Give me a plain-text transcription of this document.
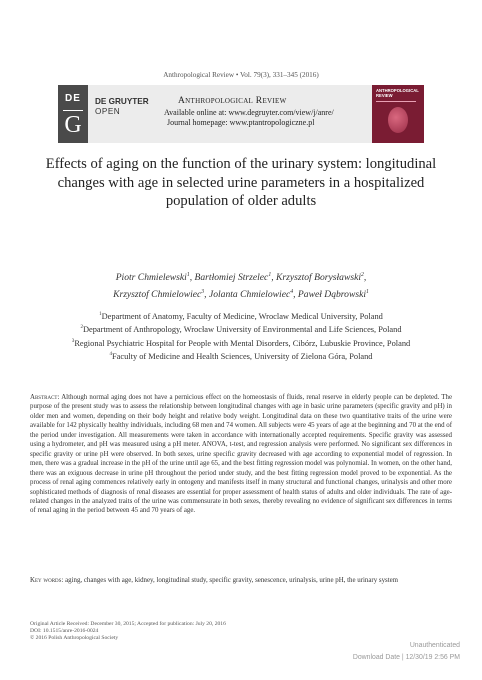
Anthropological Review • Vol. 79(3), 331–345 (2016)
DE
G
DE GRUYTER
OPEN
Anthropological Review
Available online at: www.degruyter.com/view/j/anre/
Journal homepage: www.ptantropologiczne.pl
ANTHROPOLOGICAL REVIEW
Effects of aging on the function of the urinary system: longitudinal changes with age in selected urine parameters in a hospitalized population of older adults
Piotr Chmielewski$^1$, Bartłomiej Strzelec$^1$, Krzysztof Borysławski$^2$,
Krzysztof Chmielowiec$^3$, Jolanta Chmielowiec$^4$, Paweł Dąbrowski$^1$
$^1$Department of Anatomy, Faculty of Medicine, Wroclaw Medical University, Poland
$^2$Department of Anthropology, Wrocław University of Environmental and Life Sciences, Poland
$^3$Regional Psychiatric Hospital for People with Mental Disorders, Cibórz, Lubuskie Province, Poland
$^4$Faculty of Medicine and Health Sciences, University of Zielona Góra, Poland
Abstract: Although normal aging does not have a pernicious effect on the homeostasis of fluids, renal reserve in elderly people can be depleted. The purpose of the present study was to assess the relationship between longitudinal changes with age in basic urine parameters (specific gravity and pH) in older men and women, depending on their body height and relative body weight. Longitudinal data on these two quantitative traits of the urine were available for 142 physically healthy individuals, including 68 men and 74 women. All subjects were 45 years of age at the beginning and 70 at the end of the period under investigation. All measurements were taken in accordance with internationally accepted requirements. Specific gravity was assessed using a hydrometer, and pH was measured using a pH meter. ANOVA, t-test, and regression analysis were performed. No significant sex differences in specific gravity or urine pH were observed. In both sexes, urine specific gravity decreased with age according to exponential model of regression. In men, there was a gradual increase in the pH of the urine until age 65, and the best fitting regression model was polynomial. In women, on the other hand, there was an exiguous decrease in urine pH throughout the period under study, and the best fitting regression model proved to be exponential. As the process of renal aging commences relatively early in ontogeny and manifests itself in many structural and functional changes, urinalysis and other more sophisticated methods of diagnosis of renal diseases are essential for proper assessment of health status of adults and older individuals. The rate of age-related changes in the analyzed traits of the urine was commensurate in both sexes, thereby revealing no evidence of significant sex differences in terms of renal aging in the period between 45 and 70 years of age.
Key words: aging, changes with age, kidney, longitudinal study, specific gravity, senescence, urinalysis, urine pH, the urinary system
Original Article Received: December 30, 2015; Accepted for publication: July 20, 2016
DOI: 10.1515/anre-2016-0024
© 2016 Polish Anthropological Society
Unauthenticated
Download Date | 12/30/19 2:56 PM
